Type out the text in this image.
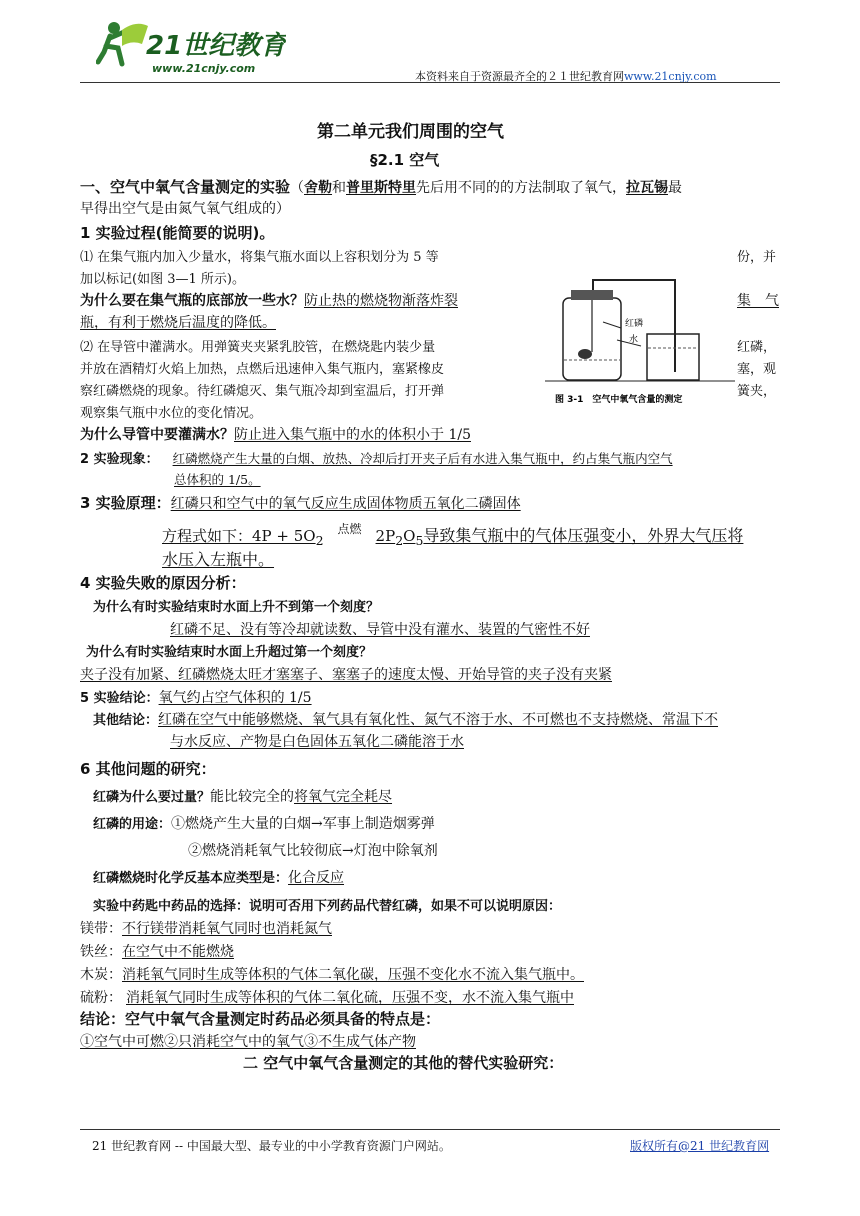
21世纪教育
www.21cnjy.com
本资料来自于资源最齐全的２１世纪教育网www.21cnjy.com
第二单元我们周围的空气
§2.1 空气
一、空气中氧气含量测定的实验（舍勒和普里斯特里先后用不同的的方法制取了氧气，拉瓦锡最
早得出空气是由氮气氧气组成的）
1 实验过程(能简要的说明)。
⑴ 在集气瓶内加入少量水，将集气瓶水面以上容积划分为 5 等	份，并
加以标记(如图 3—1 所示)。
为什么要在集气瓶的底部放一些水？防止热的燃烧物渐落炸裂	集　气
瓶，有利于燃烧后温度的降低。
⑵ 在导管中灌满水。用弹簧夹夹紧乳胶管，在燃烧匙内装少量	红磷，
并放在酒精灯火焰上加热，点燃后迅速伸入集气瓶内，塞紧橡皮	塞，观
察红磷燃烧的现象。待红磷熄灭、集气瓶冷却到室温后，打开弹	簧夹，
观察集气瓶中水位的变化情况。
红磷
水
图 3-1　空气中氧气含量的测定
为什么导管中要灌满水？防止进入集气瓶中的水的体积小于 1/5
2 实验现象： 红磷燃烧产生大量的白烟、放热、冷却后打开夹子后有水进入集气瓶中，约占集气瓶内空气
总体积的 1/5。
3 实验原理：红磷只和空气中的氧气反应生成固体物质五氧化二磷固体
方程式如下：$4P + 5O_2$点燃 $2P_2O_5$导致集气瓶中的气体压强变小，外界大气压将
水压入左瓶中。
4 实验失败的原因分析：
为什么有时实验结束时水面上升不到第一个刻度？
红磷不足、没有等冷却就读数、导管中没有灌水、装置的气密性不好
为什么有时实验结束时水面上升超过第一个刻度？
夹子没有加紧、红磷燃烧太旺才塞塞子、塞塞子的速度太慢、开始导管的夹子没有夹紧
5 实验结论：氧气约占空气体积的 1/5
其他结论：红磷在空气中能够燃烧、氧气具有氧化性、氮气不溶于水、不可燃也不支持燃烧、常温下不
与水反应、产物是白色固体五氧化二磷能溶于水
6 其他问题的研究：
红磷为什么要过量？能比较完全的将氧气完全耗尽
红磷的用途：①燃烧产生大量的白烟→军事上制造烟雾弹
②燃烧消耗氧气比较彻底→灯泡中除氧剂
红磷燃烧时化学反基本应类型是：化合反应
实验中药匙中药品的选择：说明可否用下列药品代替红磷，如果不可以说明原因：
镁带：不行镁带消耗氧气同时也消耗氮气
铁丝：在空气中不能燃烧
木炭：消耗氧气同时生成等体积的气体二氧化碳，压强不变化水不流入集气瓶中。
硫粉： 消耗氧气同时生成等体积的气体二氧化硫，压强不变，水不流入集气瓶中
结论：空气中氧气含量测定时药品必须具备的特点是：
①空气中可燃②只消耗空气中的氧气③不生成气体产物
二 空气中氧气含量测定的其他的替代实验研究：
21 世纪教育网 -- 中国最大型、最专业的中小学教育资源门户网站。	版权所有@21 世纪教育网
